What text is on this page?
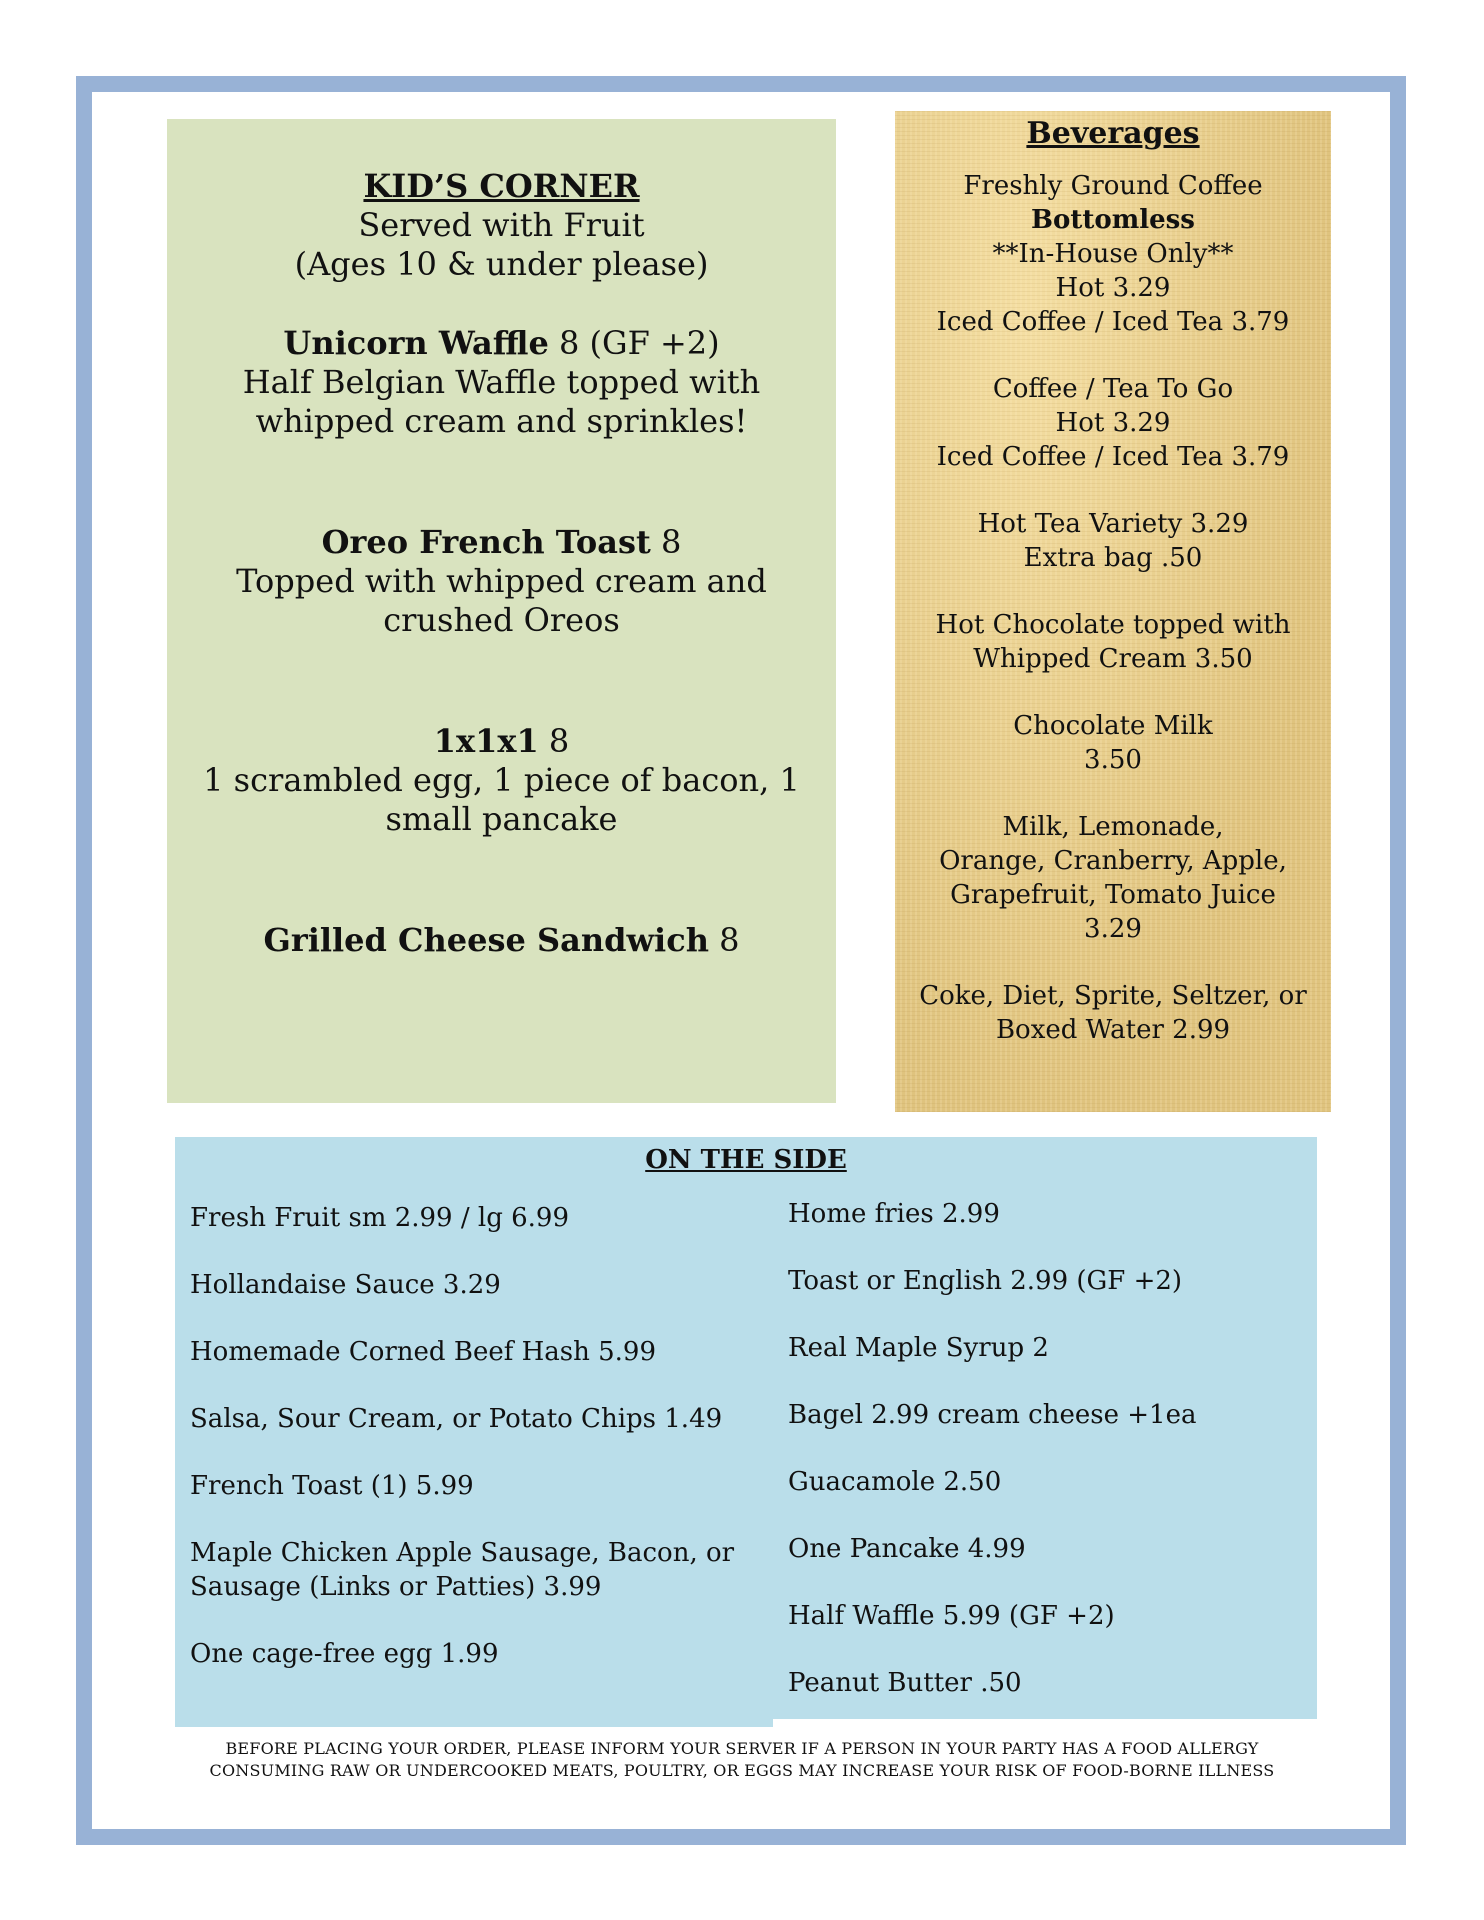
KID’S CORNER
Served with Fruit
(Ages 10 & under please)
Unicorn Waffle 8 (GF +2)
Half Belgian Waffle topped with whipped cream and sprinkles!
Oreo French Toast 8
Topped with whipped cream and crushed Oreos
1x1x1 8
1 scrambled egg, 1 piece of bacon, 1 small pancake
Grilled Cheese Sandwich 8
Beverages
Freshly Ground Coffee
Bottomless
**In-House Only**
Hot 3.29
Iced Coffee / Iced Tea 3.79
Coffee / Tea To Go
Hot 3.29
Iced Coffee / Iced Tea 3.79
Hot Tea Variety 3.29
Extra bag .50
Hot Chocolate topped with
Whipped Cream 3.50
Chocolate Milk
3.50
Milk, Lemonade,
Orange, Cranberry, Apple,
Grapefruit, Tomato Juice
3.29
Coke, Diet, Sprite, Seltzer, or
Boxed Water 2.99
ON THE SIDE
Fresh Fruit sm 2.99 / lg 6.99
Hollandaise Sauce 3.29
Homemade Corned Beef Hash 5.99
Salsa, Sour Cream, or Potato Chips 1.49
French Toast (1) 5.99
Maple Chicken Apple Sausage, Bacon, or Sausage (Links or Patties) 3.99
One cage-free egg 1.99
Home fries 2.99
Toast or English 2.99 (GF +2)
Real Maple Syrup 2
Bagel 2.99 cream cheese +1ea
Guacamole 2.50
One Pancake 4.99
Half Waffle 5.99 (GF +2)
Peanut Butter .50
BEFORE PLACING YOUR ORDER, PLEASE INFORM YOUR SERVER IF A PERSON IN YOUR PARTY HAS A FOOD ALLERGY
CONSUMING RAW OR UNDERCOOKED MEATS, POULTRY, OR EGGS MAY INCREASE YOUR RISK OF FOOD-BORNE ILLNESS
